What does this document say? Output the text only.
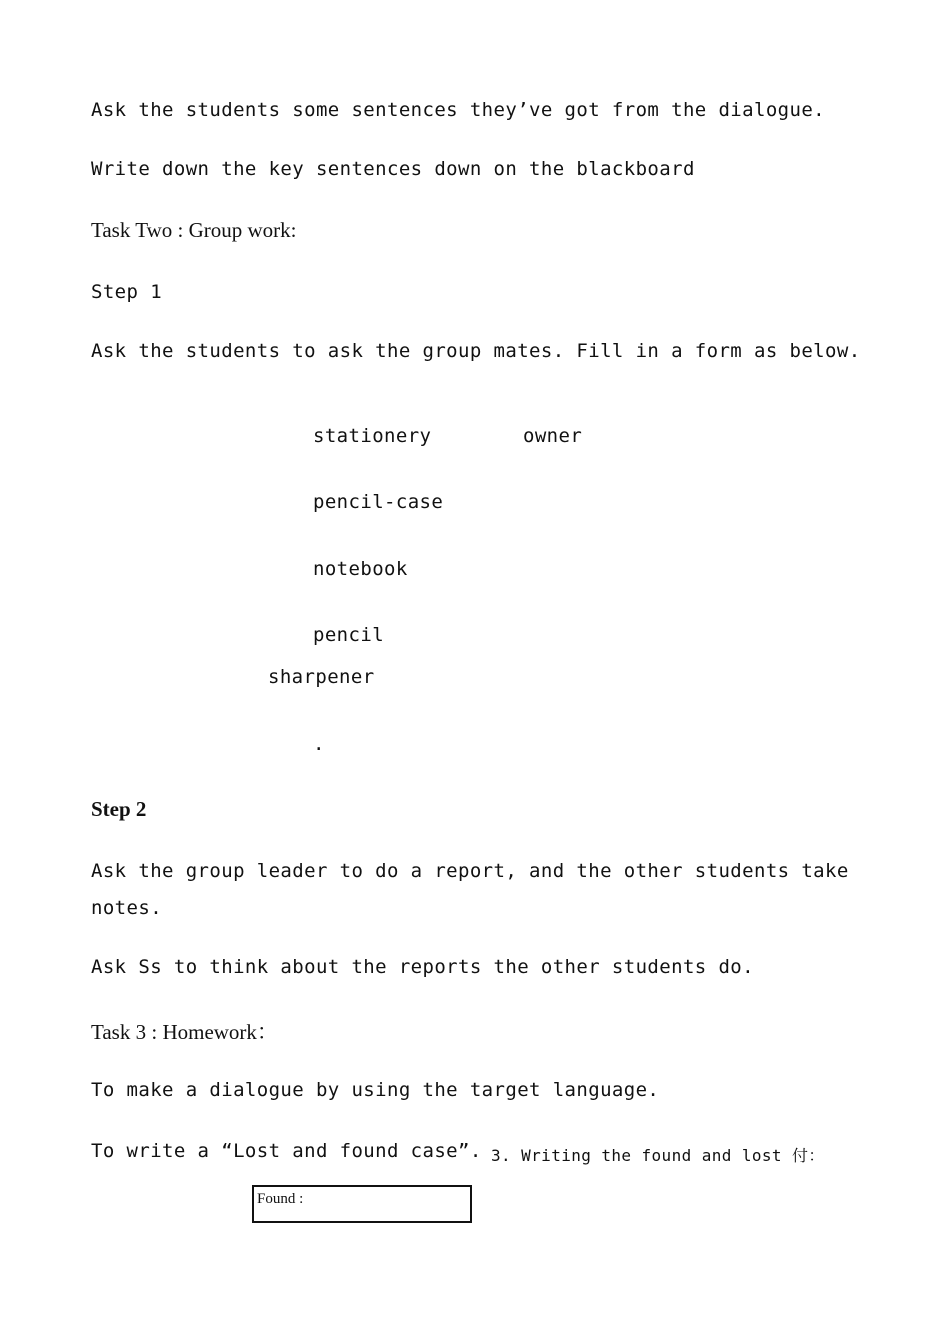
Ask the students some sentences they’ve got from the dialogue.
Write down the key sentences down on the blackboard
Task Two : Group work:
Step 1
Ask the students to ask the group mates. Fill in a form as below.
stationery	owner
pencil-case
notebook
pencil
sharpener
.
Step 2
Ask the group leader to do a report, and the other students take
notes.
Ask Ss to think about the reports the other students do.
Task 3 : Homework：
To make a dialogue by using the target language.
To write a “Lost and found case”. 3. Writing the found and lost 付：
Found :
